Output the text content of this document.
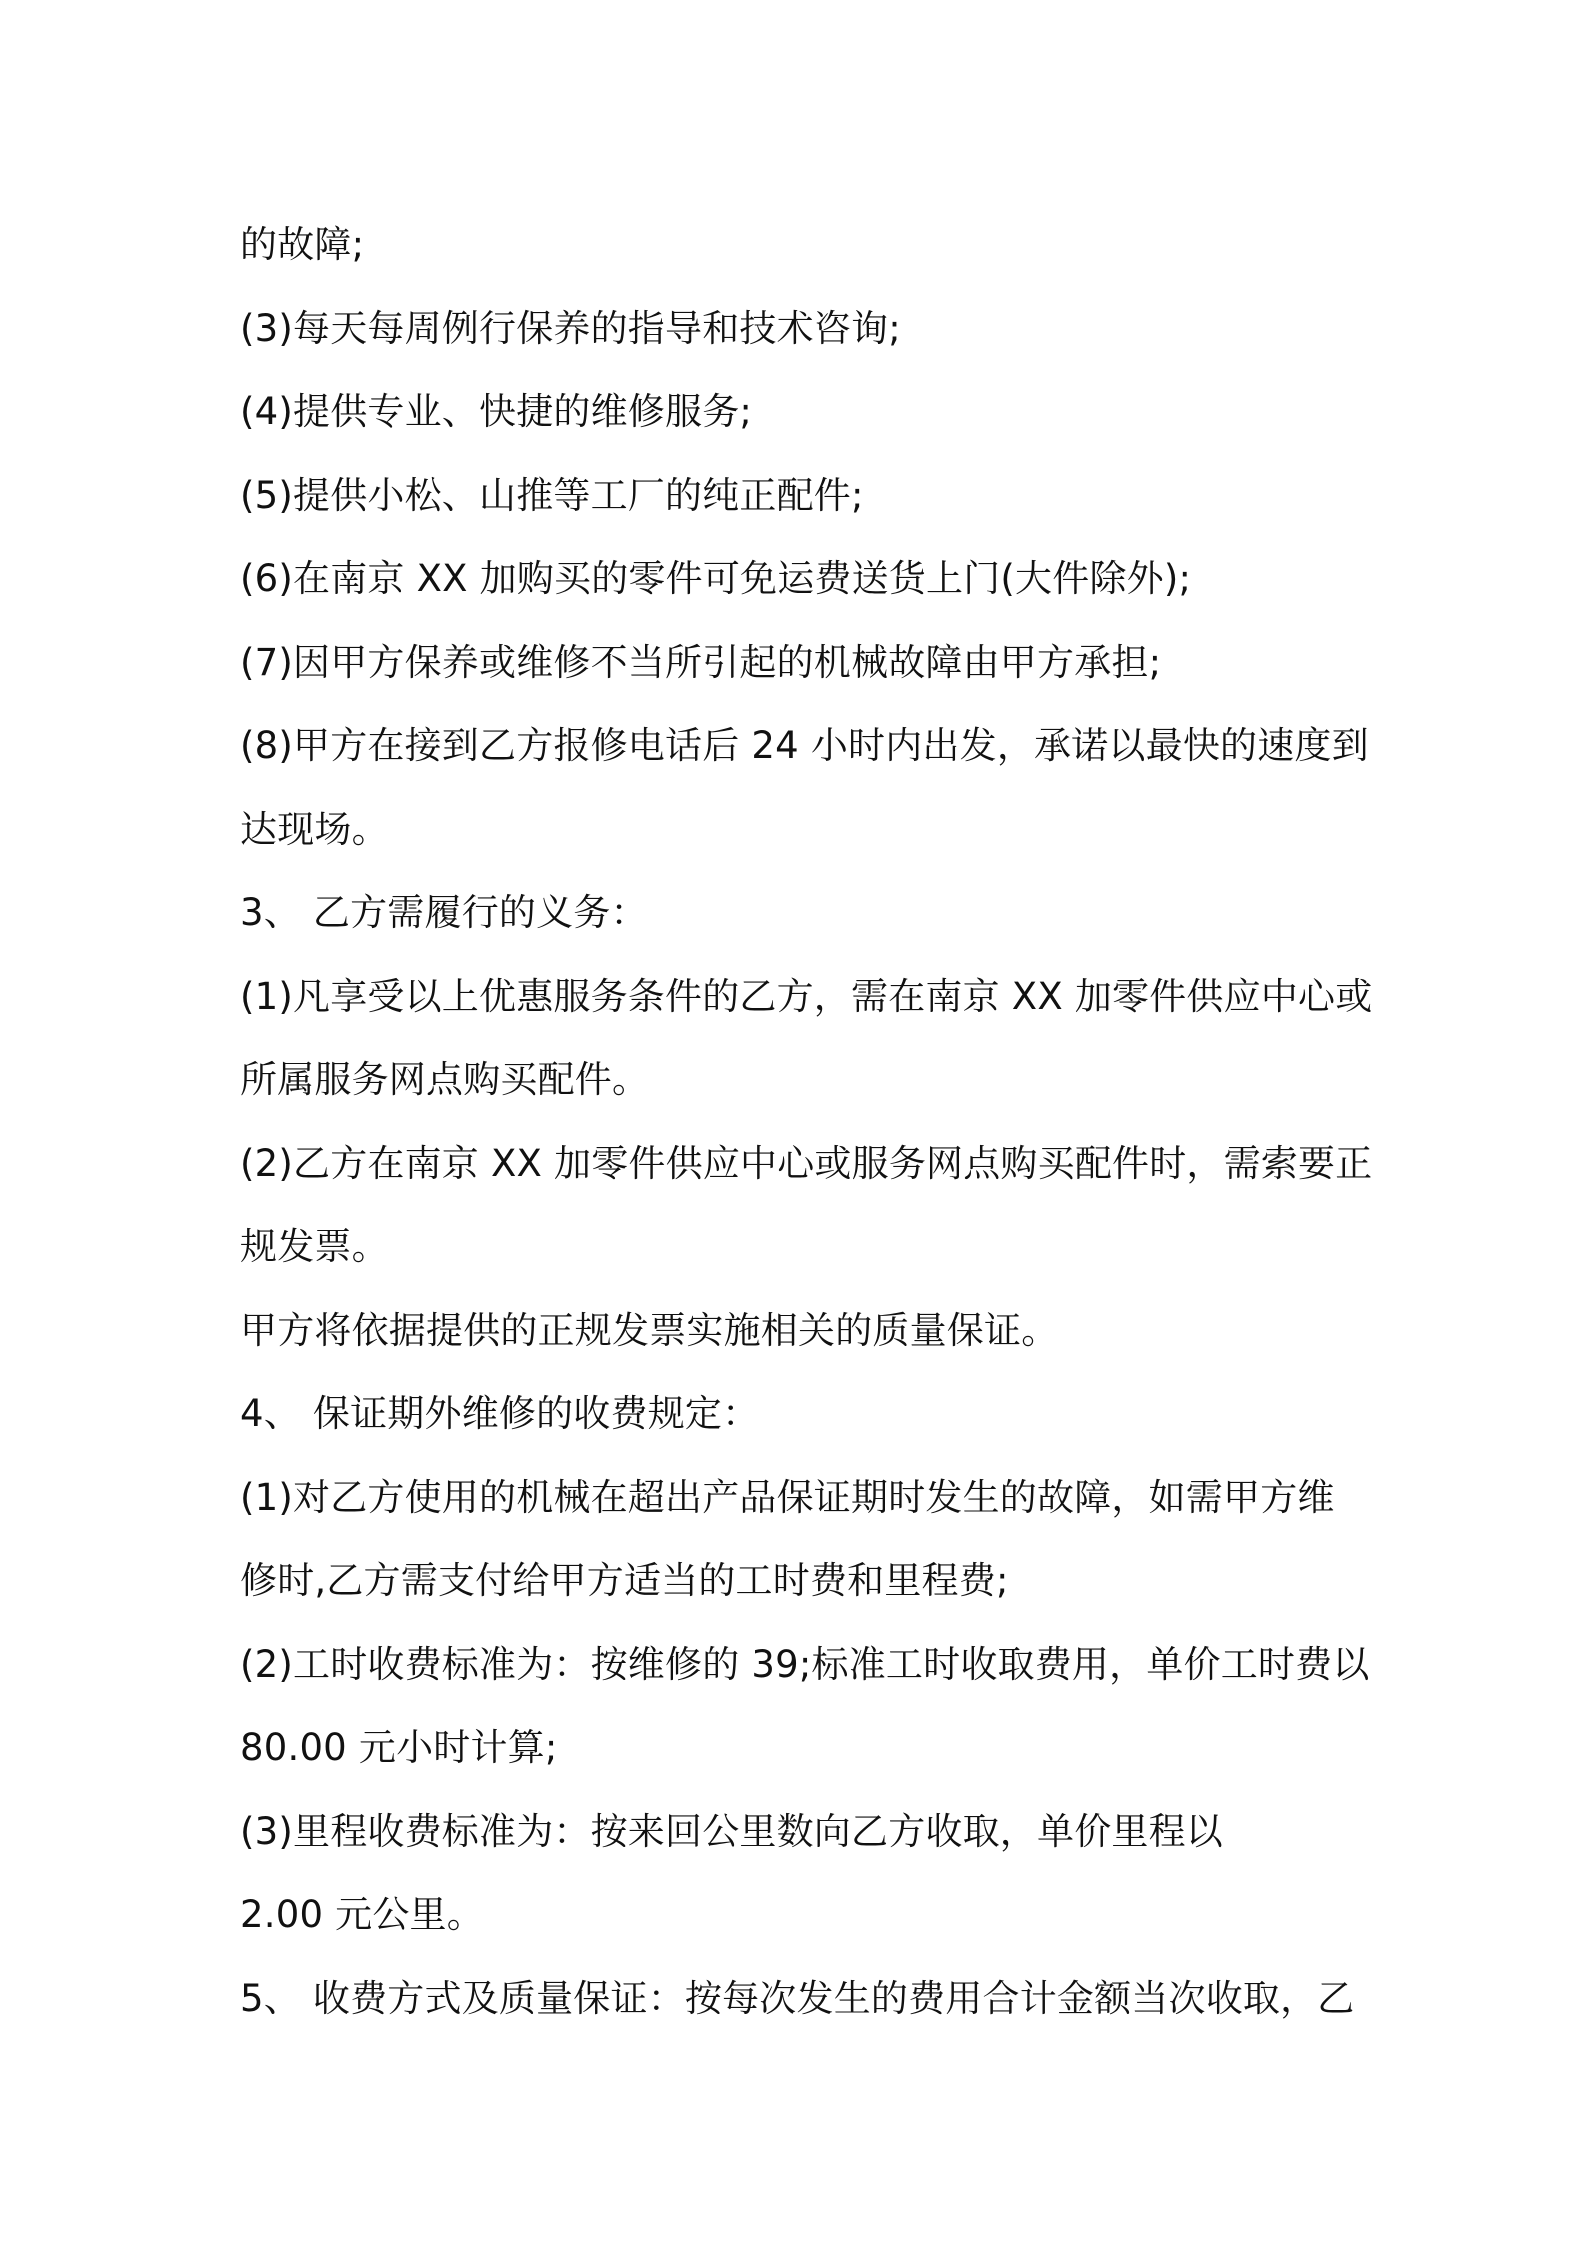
的故障;
(3)每天每周例行保养的指导和技术咨询;
(4)提供专业、快捷的维修服务;
(5)提供小松、山推等工厂的纯正配件;
(6)在南京 XX 加购买的零件可免运费送货上门(大件除外);
(7)因甲方保养或维修不当所引起的机械故障由甲方承担;
(8)甲方在接到乙方报修电话后 24 小时内出发，承诺以最快的速度到
达现场。
3、 乙方需履行的义务：
(1)凡享受以上优惠服务条件的乙方，需在南京 XX 加零件供应中心或
所属服务网点购买配件。
(2)乙方在南京 XX 加零件供应中心或服务网点购买配件时，需索要正
规发票。
甲方将依据提供的正规发票实施相关的质量保证。
4、 保证期外维修的收费规定：
(1)对乙方使用的机械在超出产品保证期时发生的故障，如需甲方维
修时,乙方需支付给甲方适当的工时费和里程费;
(2)工时收费标准为：按维修的 39;标准工时收取费用，单价工时费以
80.00 元小时计算;
(3)里程收费标准为：按来回公里数向乙方收取，单价里程以
2.00 元公里。
5、 收费方式及质量保证：按每次发生的费用合计金额当次收取，乙
